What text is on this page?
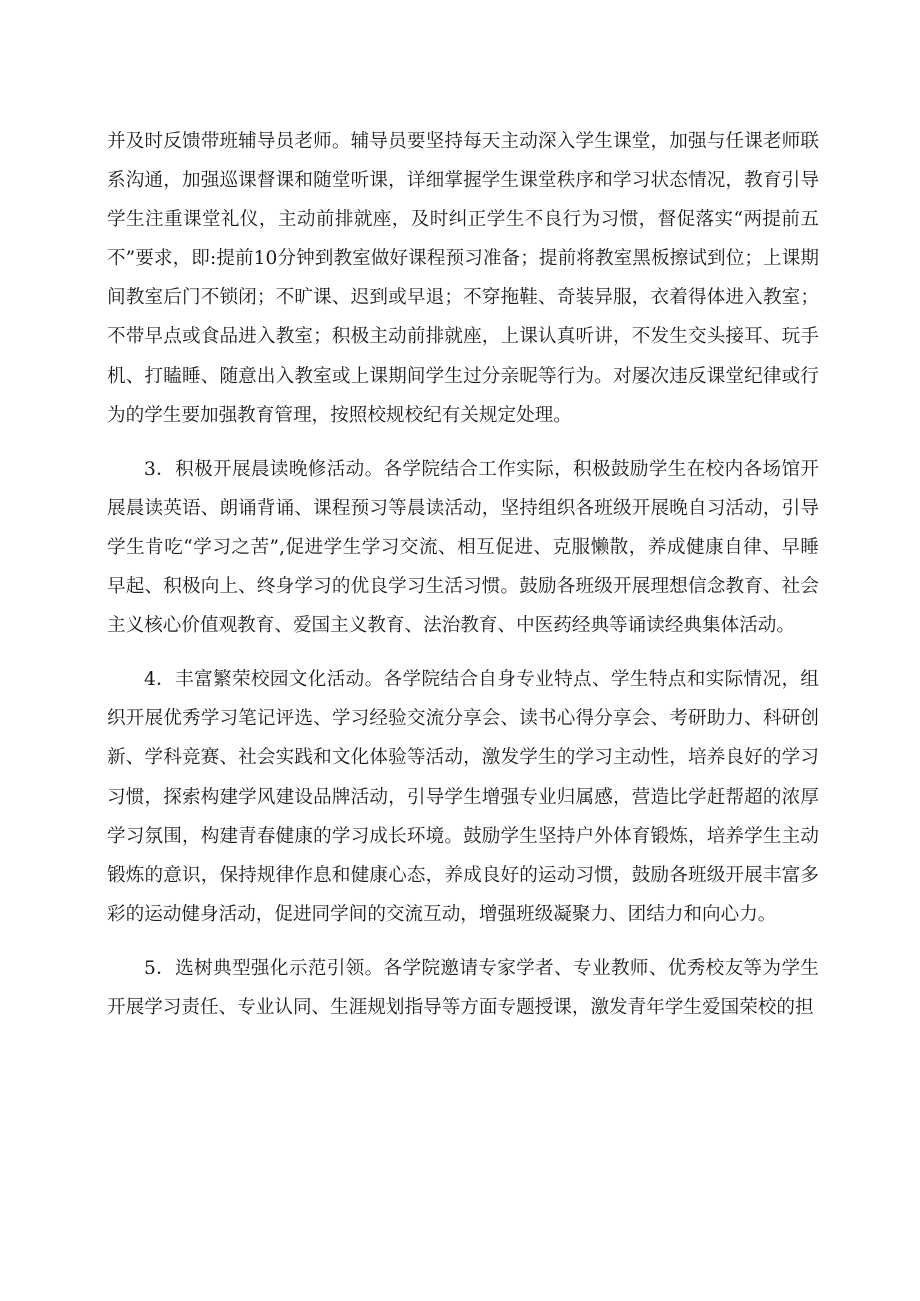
并及时反馈带班辅导员老师。辅导员要坚持每天主动深入学生课堂，加强与任课老师联系沟通，加强巡课督课和随堂听课，详细掌握学生课堂秩序和学习状态情况，教育引导学生注重课堂礼仪，主动前排就座，及时纠正学生不良行为习惯，督促落实“两提前五不”要求，即:提前10分钟到教室做好课程预习准备；提前将教室黑板擦试到位；上课期间教室后门不锁闭；不旷课、迟到或早退；不穿拖鞋、奇装异服，衣着得体进入教室；不带早点或食品进入教室；积极主动前排就座，上课认真听讲，不发生交头接耳、玩手机、打瞌睡、随意出入教室或上课期间学生过分亲昵等行为。对屡次违反课堂纪律或行为的学生要加强教育管理，按照校规校纪有关规定处理。

3．积极开展晨读晚修活动。各学院结合工作实际，积极鼓励学生在校内各场馆开展晨读英语、朗诵背诵、课程预习等晨读活动，坚持组织各班级开展晚自习活动，引导学生肯吃“学习之苦”,促进学生学习交流、相互促进、克服懒散，养成健康自律、早睡早起、积极向上、终身学习的优良学习生活习惯。鼓励各班级开展理想信念教育、社会主义核心价值观教育、爱国主义教育、法治教育、中医药经典等诵读经典集体活动。

4．丰富繁荣校园文化活动。各学院结合自身专业特点、学生特点和实际情况，组织开展优秀学习笔记评选、学习经验交流分享会、读书心得分享会、考研助力、科研创新、学科竞赛、社会实践和文化体验等活动，激发学生的学习主动性，培养良好的学习习惯，探索构建学风建设品牌活动，引导学生增强专业归属感，营造比学赶帮超的浓厚学习氛围，构建青春健康的学习成长环境。鼓励学生坚持户外体育锻炼，培养学生主动锻炼的意识，保持规律作息和健康心态，养成良好的运动习惯，鼓励各班级开展丰富多彩的运动健身活动，促进同学间的交流互动，增强班级凝聚力、团结力和向心力。

5．选树典型强化示范引领。各学院邀请专家学者、专业教师、优秀校友等为学生开展学习责任、专业认同、生涯规划指导等方面专题授课，激发青年学生爱国荣校的担
